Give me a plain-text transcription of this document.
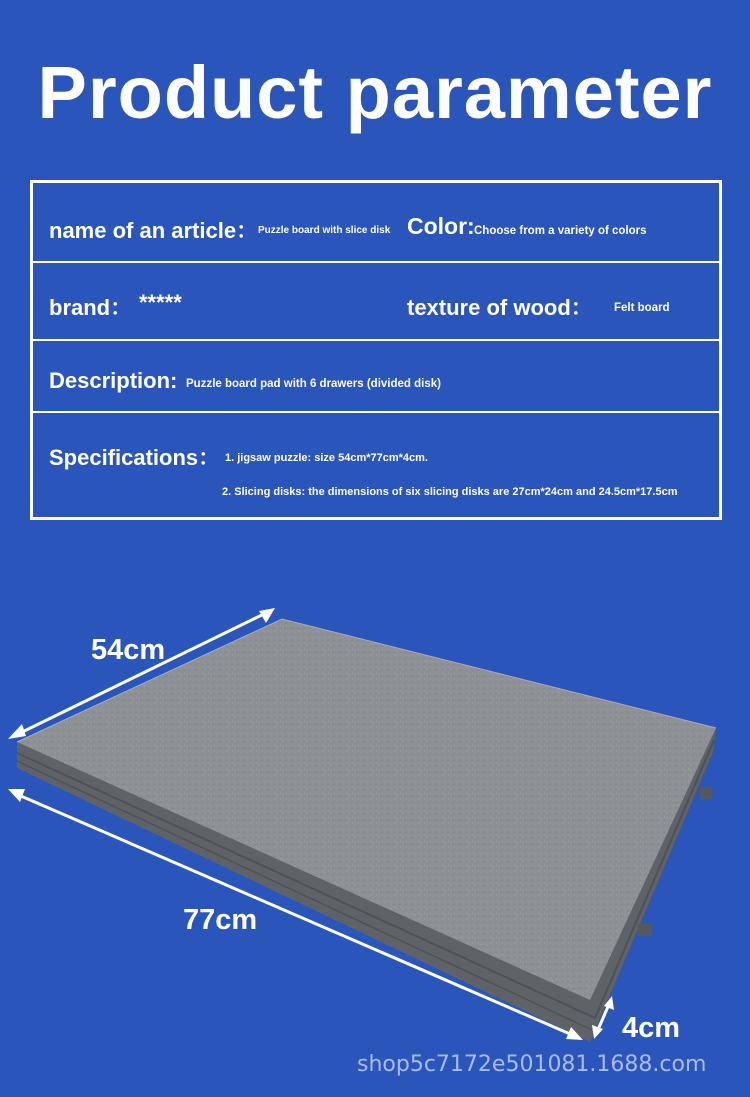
Product parameter
name of an article： Puzzle board with slice disk Color: Choose from a variety of colors
brand： *****	texture of wood： Felt board
Description: Puzzle board pad with 6 drawers (divided disk)
Specifications： 1. jigsaw puzzle: size 54cm*77cm*4cm.
2. Slicing disks: the dimensions of six slicing disks are 27cm*24cm and 24.5cm*17.5cm
54cm
77cm
4cm
shop5c7172e501081.1688.com
